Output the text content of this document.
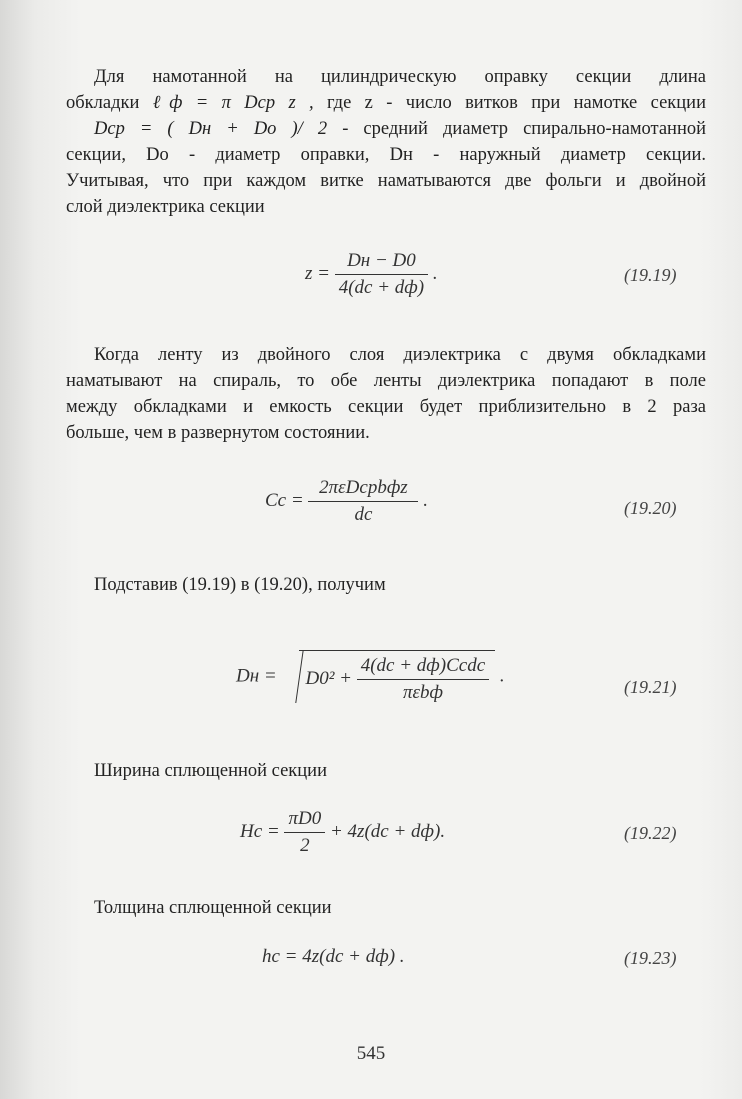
Для намотанной на цилиндрическую оправку секции длина
обкладки ℓф = π Dср z , где z - число витков при намотке секции
Dср = ( Dн + Dо )/ 2 - средний диаметр спирально-намотанной
секции, Dо - диаметр оправки, Dн - наружный диаметр секции.
Учитывая, что при каждом витке наматываются две фольги и двойной
слой диэлектрика секции
$z = \frac{Dн - D0}{4(dс + dф)}$ .	(19.19)
Когда ленту из двойного слоя диэлектрика с двумя обкладками
наматывают на спираль, то обе ленты диэлектрика попадают в поле
между обкладками и емкость секции будет приблизительно в 2 раза
больше, чем в развернутом состоянии.
Cс = $\frac{\text{2πεDсрbфz}}{dс}$ .	(19.20)
Подставив (19.19) в (19.20), получим
Dн = $D0^2 + \frac{\text{4(dс + dф)Cсdс}}{\text{πεbф}}$ .
(19.21)
Ширина сплющенной секции
Hс = $\frac{\pi D0}{2} + 4z(dс + dф)$.	(19.22)
Толщина сплющенной секции
hс = 4z(dс + dф) .	(19.23)
545
